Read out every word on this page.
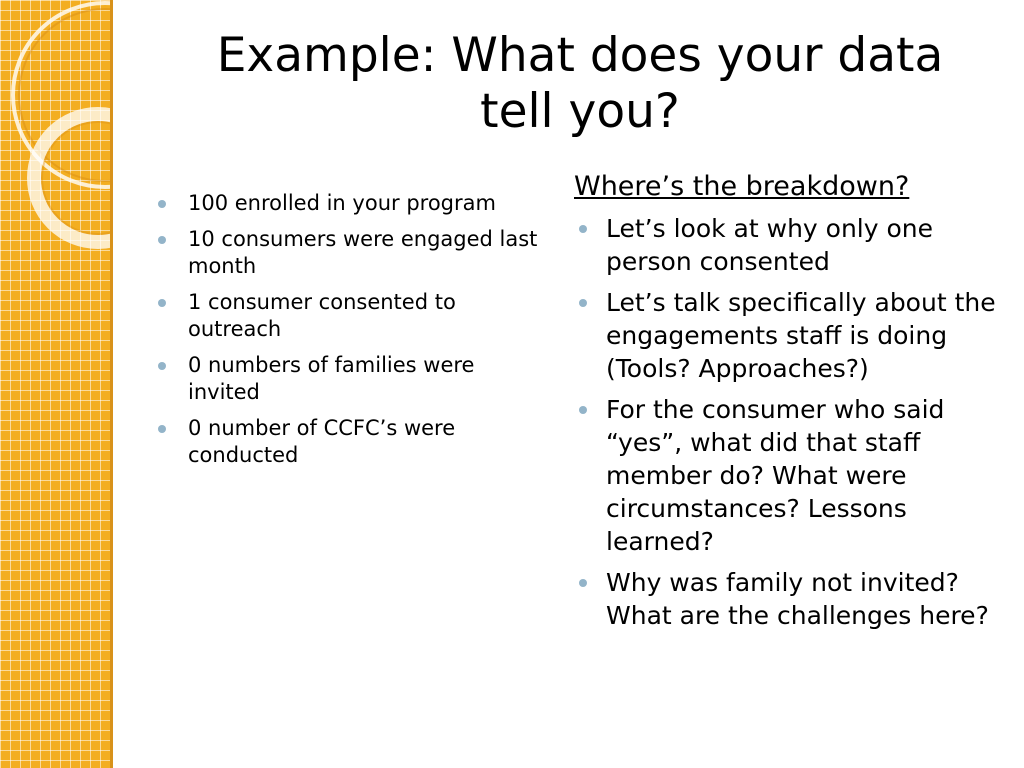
Example: What does your data
tell you?
100 enrolled in your program
10 consumers were engaged last month
1 consumer consented to outreach
0 numbers of families were invited
0 number of CCFC’s were conducted
Where’s the breakdown?
Let’s look at why only one person consented
Let’s talk specifically about the engagements staff is doing (Tools? Approaches?)
For the consumer who said “yes”, what did that staff member do? What were circumstances? Lessons learned?
Why was family not invited? What are the challenges here?
